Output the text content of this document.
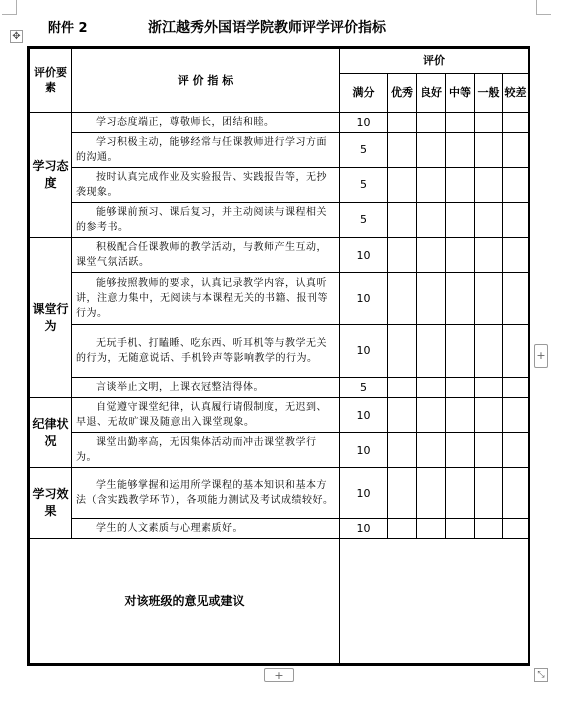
✥
附件 2	浙江越秀外国语学院教师评学评价指标
评价要素	评 价 指 标	评价					
		满分	优秀	良好	中等	一般	较差
学习态度	学习态度端正，尊敬师长，团结和睦。	10					
	学习积极主动，能够经常与任课教师进行学习方面的沟通。	5					
	按时认真完成作业及实验报告、实践报告等，无抄袭现象。	5					
	能够课前预习、课后复习，并主动阅读与课程相关的参考书。	5					
课堂行为	积极配合任课教师的教学活动，与教师产生互动，课堂气氛活跃。	10					
	能够按照教师的要求，认真记录教学内容，认真听讲，注意力集中，无阅读与本课程无关的书籍、报刊等行为。	10					
	无玩手机、打瞌睡、吃东西、听耳机等与教学无关的行为，无随意说话、手机铃声等影响教学的行为。	10					
	言谈举止文明，上课衣冠整洁得体。	5					
纪律状况	自觉遵守课堂纪律，认真履行请假制度，无迟到、早退、无故旷课及随意出入课堂现象。	10					
	课堂出勤率高，无因集体活动而冲击课堂教学行为。	10					
学习效果	学生能够掌握和运用所学课程的基本知识和基本方法（含实践教学环节），各项能力测试及考试成绩较好。	10					
	学生的人文素质与心理素质好。	10					

对该班级的意见或建议							

+
+	⤡
